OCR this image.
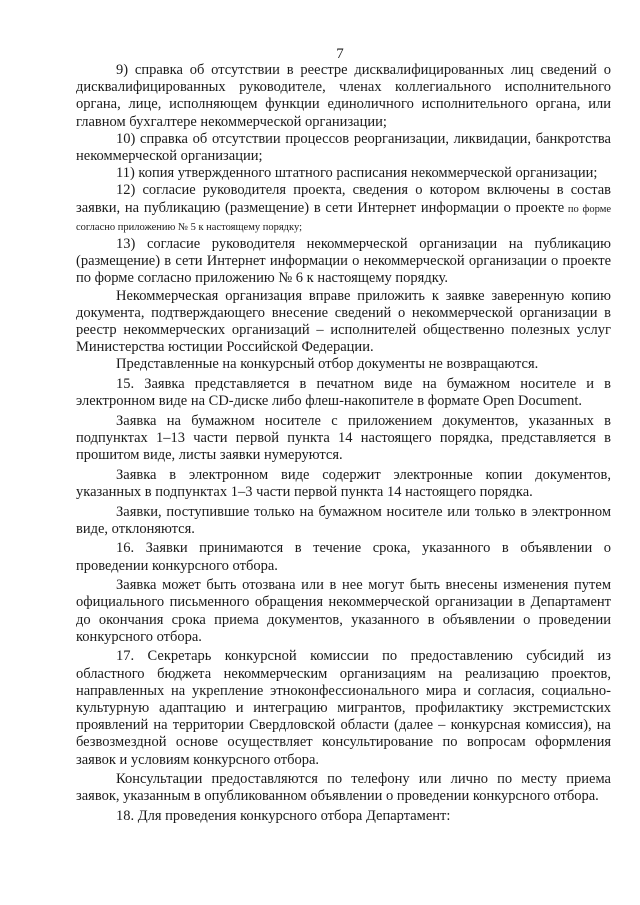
7

9) справка об отсутствии в реестре дисквалифицированных лиц сведений о дисквалифицированных руководителе, членах коллегиального исполнительного органа, лице, исполняющем функции единоличного исполнительного органа, или главном бухгалтере некоммерческой организации;

10) справка об отсутствии процессов реорганизации, ликвидации, банкротства некоммерческой организации;

11) копия утвержденного штатного расписания некоммерческой организации;

12) согласие руководителя проекта, сведения о котором включены в состав заявки, на публикацию (размещение) в сети Интернет информации о проекте по форме согласно приложению № 5 к настоящему порядку;

13) согласие руководителя некоммерческой организации на публикацию (размещение) в сети Интернет информации о некоммерческой организации о проекте по форме согласно приложению № 6 к настоящему порядку.

Некоммерческая организация вправе приложить к заявке заверенную копию документа, подтверждающего внесение сведений о некоммерческой организации в реестр некоммерческих организаций – исполнителей общественно полезных услуг Министерства юстиции Российской Федерации.

Представленные на конкурсный отбор документы не возвращаются.

15. Заявка представляется в печатном виде на бумажном носителе и в электронном виде на CD-диске либо флеш-накопителе в формате Open Document.

Заявка на бумажном носителе с приложением документов, указанных в подпунктах 1–13 части первой пункта 14 настоящего порядка, представляется в прошитом виде, листы заявки нумеруются.

Заявка в электронном виде содержит электронные копии документов, указанных в подпунктах 1–3 части первой пункта 14 настоящего порядка.

Заявки, поступившие только на бумажном носителе или только в электронном виде, отклоняются.

16. Заявки принимаются в течение срока, указанного в объявлении о проведении конкурсного отбора.

Заявка может быть отозвана или в нее могут быть внесены изменения путем официального письменного обращения некоммерческой организации в Департамент до окончания срока приема документов, указанного в объявлении о проведении конкурсного отбора.

17. Секретарь конкурсной комиссии по предоставлению субсидий из областного бюджета некоммерческим организациям на реализацию проектов, направленных на укрепление этноконфессионального мира и согласия, социально-культурную адаптацию и интеграцию мигрантов, профилактику экстремистских проявлений на территории Свердловской области (далее – конкурсная комиссия), на безвозмездной основе осуществляет консультирование по вопросам оформления заявок и условиям конкурсного отбора.

Консультации предоставляются по телефону или лично по месту приема заявок, указанным в опубликованном объявлении о проведении конкурсного отбора.

18. Для проведения конкурсного отбора Департамент:
